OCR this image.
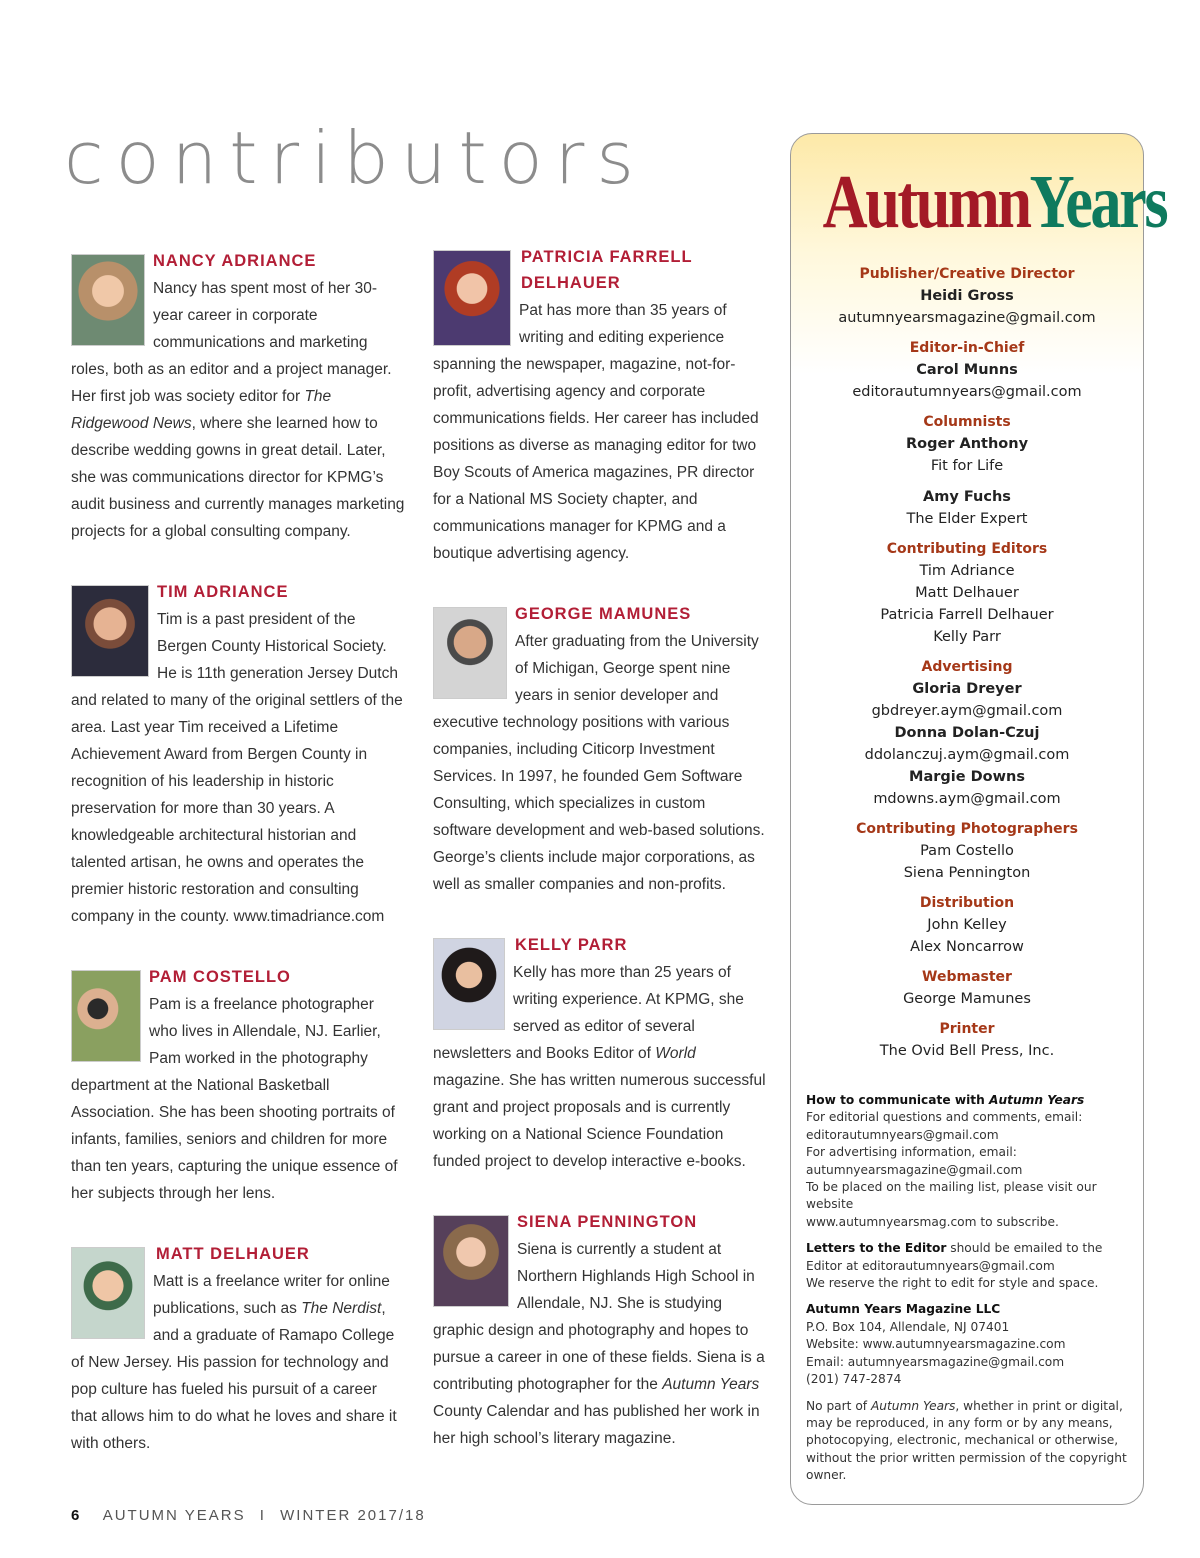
contributors
NANCY ADRIANCE

Nancy has spent most of her 30-year career in corporate communications and marketing roles, both as an editor and a project manager. Her first job was society editor for The Ridgewood News, where she learned how to describe wedding gowns in great detail. Later, she was communications director for KPMG’s audit business and currently manages marketing projects for a global consulting company.

TIM ADRIANCE

Tim is a past president of the Bergen County Historical Society. He is 11th generation Jersey Dutch and related to many of the original settlers of the area. Last year Tim received a Lifetime Achievement Award from Bergen County in recognition of his leadership in historic preservation for more than 30 years. A knowledgeable architectural historian and talented artisan, he owns and operates the premier historic restoration and consulting company in the county. www.timadriance.com

PAM COSTELLO

Pam is a freelance photographer who lives in Allendale, NJ. Earlier, Pam worked in the photography department at the National Basketball Association. She has been shooting portraits of infants, families, seniors and children for more than ten years, capturing the unique essence of her subjects through her lens.

MATT DELHAUER

Matt is a freelance writer for online publications, such as The Nerdist, and a graduate of Ramapo College of New Jersey. His passion for technology and pop culture has fueled his pursuit of a career that allows him to do what he loves and share it with others.

PATRICIA FARRELL DELHAUER

Pat has more than 35 years of writing and editing experience spanning the newspaper, magazine, not-for-profit, advertising agency and corporate communications fields. Her career has included positions as diverse as managing editor for two Boy Scouts of America magazines, PR director for a National MS Society chapter, and communications manager for KPMG and a boutique advertising agency.

GEORGE MAMUNES

After graduating from the University of Michigan, George spent nine years in senior developer and executive technology positions with various companies, including Citicorp Investment Services. In 1997, he founded Gem Software Consulting, which specializes in custom software development and web-based solutions. George’s clients include major corporations, as well as smaller companies and non-profits.

KELLY PARR

Kelly has more than 25 years of writing experience. At KPMG, she served as editor of several newsletters and Books Editor of World magazine. She has written numerous successful grant and project proposals and is currently working on a National Science Foundation funded project to develop interactive e-books.

SIENA PENNINGTON

Siena is currently a student at Northern Highlands High School in Allendale, NJ. She is studying graphic design and photography and hopes to pursue a career in one of these fields. Siena is a contributing photographer for the Autumn Years County Calendar and has published her work in her high school’s literary magazine.

AutumnYears
Publisher/Creative Director
Heidi Gross
autumnyearsmagazine@gmail.com
Editor-in-Chief
Carol Munns
editorautumnyears@gmail.com
Columnists
Roger Anthony
Fit for Life
Amy Fuchs
The Elder Expert
Contributing Editors
Tim Adriance
Matt Delhauer
Patricia Farrell Delhauer
Kelly Parr
Advertising
Gloria Dreyer
gbdreyer.aym@gmail.com
Donna Dolan-Czuj
ddolanczuj.aym@gmail.com
Margie Downs
mdowns.aym@gmail.com
Contributing Photographers
Pam Costello
Siena Pennington
Distribution
John Kelley
Alex Noncarrow
Webmaster
George Mamunes
Printer
The Ovid Bell Press, Inc.
How to communicate with Autumn Years
For editorial questions and comments, email:
editorautumnyears@gmail.com
For advertising information, email:
autumnyearsmagazine@gmail.com
To be placed on the mailing list, please visit our website
www.autumnyearsmag.com to subscribe.
Letters to the Editor should be emailed to the
Editor at editorautumnyears@gmail.com
We reserve the right to edit for style and space.
Autumn Years Magazine LLC
P.O. Box 104, Allendale, NJ 07401
Website: www.autumnyearsmagazine.com
Email: autumnyearsmagazine@gmail.com
(201) 747-2874
No part of Autumn Years, whether in print or digital, may be reproduced, in any form or by any means, photocopying, electronic, mechanical or otherwise, without the prior written permission of the copyright owner.
6 AUTUMN YEARS I WINTER 2017/18
